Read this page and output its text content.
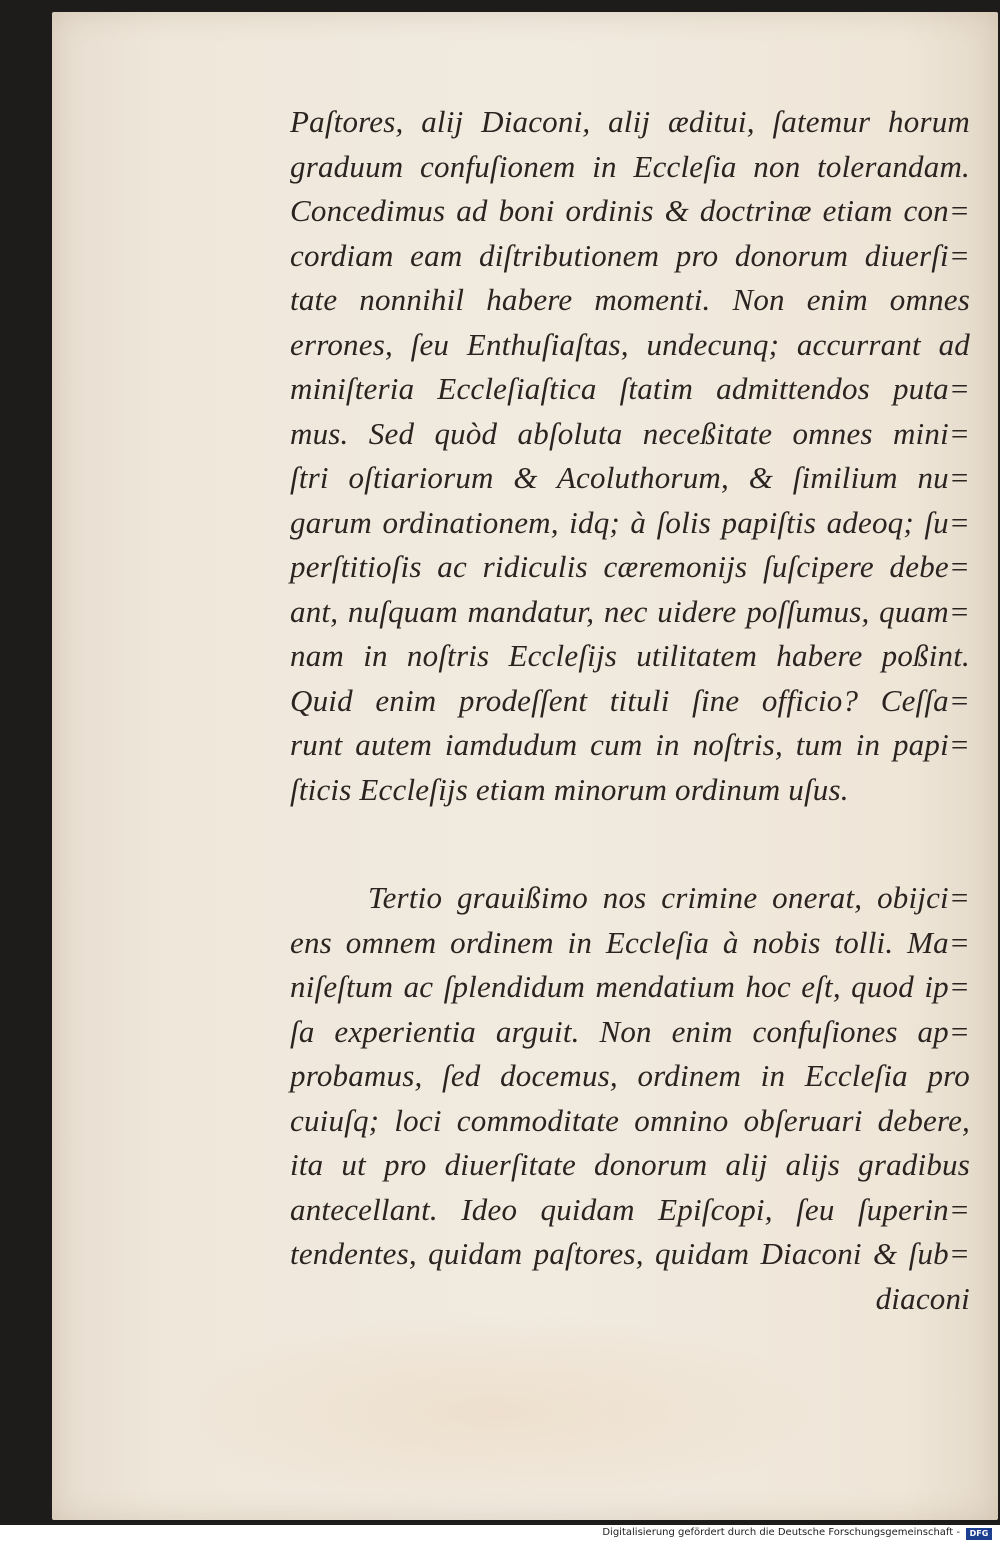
Paſtores, alij Diaconi, alij æditui, ſatemur horum
graduum confuſionem in Eccleſia non tolerandam.
Concedimus ad boni ordinis & doctrinæ etiam con=
cordiam eam diſtributionem pro donorum diuerſi=
tate nonnihil habere momenti. Non enim omnes
errones, ſeu Enthuſiaſtas, undecunq; accurrant ad
miniſteria Eccleſiaſtica ſtatim admittendos puta=
mus. Sed quòd abſoluta neceßitate omnes mini=
ſtri oſtiariorum & Acoluthorum, & ſimilium nu=
garum ordinationem, idq; à ſolis papiſtis adeoq; ſu=
perſtitioſis ac ridiculis cæremonijs ſuſcipere debe=
ant, nuſquam mandatur, nec uidere poſſumus, quam=
nam in noſtris Eccleſijs utilitatem habere poßint.
Quid enim prodeſſent tituli ſine officio? Ceſſa=
runt autem iamdudum cum in noſtris, tum in papi=
ſticis Eccleſijs etiam minorum ordinum uſus.
Tertio grauißimo nos crimine onerat, obijci=
ens omnem ordinem in Eccleſia à nobis tolli. Ma=
niſeſtum ac ſplendidum mendatium hoc eſt, quod ip=
ſa experientia arguit. Non enim confuſiones ap=
probamus, ſed docemus, ordinem in Eccleſia pro
cuiuſq; loci commoditate omnino obſeruari debere,
ita ut pro diuerſitate donorum alij alijs gradibus
antecellant. Ideo quidam Epiſcopi, ſeu ſuperin=
tendentes, quidam paſtores, quidam Diaconi & ſub=
diaconi
Digitalisierung gefördert durch die Deutsche Forschungsgemeinschaft -	DFG
